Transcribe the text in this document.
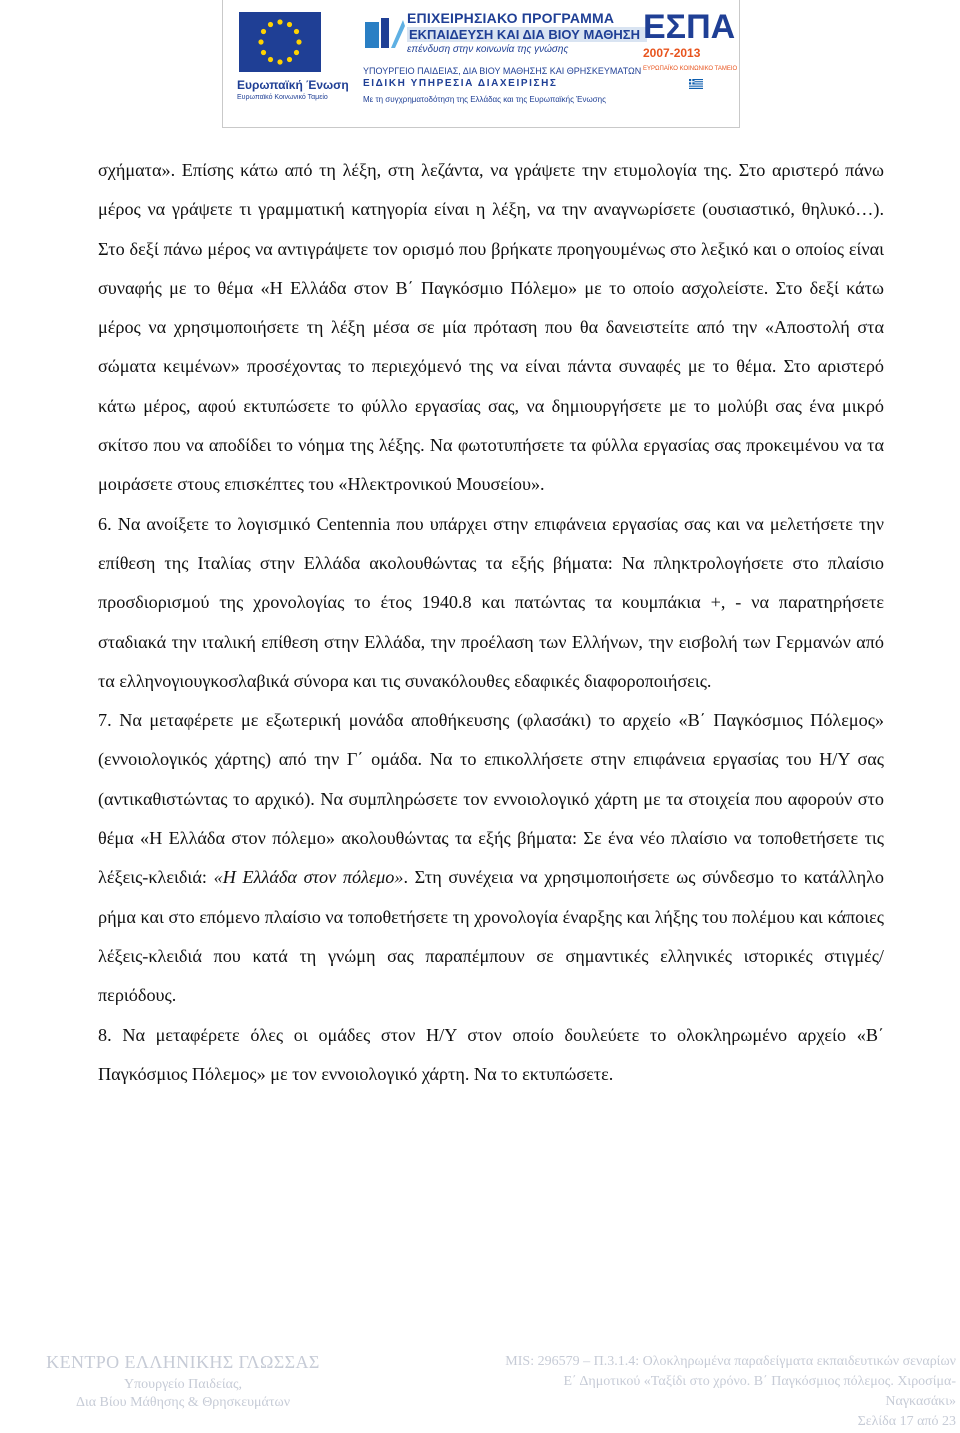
Ευρωπαϊκή Ένωση
Ευρωπαϊκό Κοινωνικό Ταμείο
ΕΠΙΧΕΙΡΗΣΙΑΚΟ ΠΡΟΓΡΑΜΜΑ
ΕΚΠΑΙΔΕΥΣΗ ΚΑΙ ΔΙΑ ΒΙΟΥ ΜΑΘΗΣΗ
επένδυση στην κοινωνία της γνώσης
ΥΠΟΥΡΓΕΙΟ ΠΑΙΔΕΙΑΣ, ΔΙΑ ΒΙΟΥ ΜΑΘΗΣΗΣ ΚΑΙ ΘΡΗΣΚΕΥΜΑΤΩΝ
ΕΙΔΙΚΗ ΥΠΗΡΕΣΙΑ ΔΙΑΧΕΙΡΙΣΗΣ
Με τη συγχρηματοδότηση της Ελλάδας και της Ευρωπαϊκής Ένωσης
ΕΣΠΑ
2007-2013
ΕΥΡΩΠΑΪΚΟ ΚΟΙΝΩΝΙΚΟ ΤΑΜΕΙΟ

σχήματα». Επίσης κάτω από τη λέξη, στη λεζάντα, να γράψετε την ετυμολογία της. Στο αριστερό πάνω μέρος να γράψετε τι γραμματική κατηγορία είναι η λέξη, να την αναγνωρίσετε (ουσιαστικό, θηλυκό…). Στο δεξί πάνω μέρος να αντιγράψετε τον ορισμό που βρήκατε προηγουμένως στο λεξικό και ο οποίος είναι συναφής με το θέμα «Η Ελλάδα στον Β΄ Παγκόσμιο Πόλεμο» με το οποίο ασχολείστε. Στο δεξί κάτω μέρος να χρησιμοποιήσετε τη λέξη μέσα σε μία πρόταση που θα δανειστείτε από την «Αποστολή στα σώματα κειμένων» προσέχοντας το περιεχόμενό της να είναι πάντα συναφές με το θέμα. Στο αριστερό κάτω μέρος, αφού εκτυπώσετε το φύλλο εργασίας σας, να δημιουργήσετε με το μολύβι σας ένα μικρό σκίτσο που να αποδίδει το νόημα της λέξης. Να φωτοτυπήσετε τα φύλλα εργασίας σας προκειμένου να τα μοιράσετε στους επισκέπτες του «Ηλεκτρονικού Μουσείου».

6. Να ανοίξετε το λογισμικό Centennia που υπάρχει στην επιφάνεια εργασίας σας και να μελετήσετε την επίθεση της Ιταλίας στην Ελλάδα ακολουθώντας τα εξής βήματα: Να πληκτρολογήσετε στο πλαίσιο προσδιορισμού της χρονολογίας το έτος 1940.8 και πατώντας τα κουμπάκια +, - να παρατηρήσετε σταδιακά την ιταλική επίθεση στην Ελλάδα, την προέλαση των Ελλήνων, την εισβολή των Γερμανών από τα ελληνογιουγκοσλαβικά σύνορα και τις συνακόλουθες εδαφικές διαφοροποιήσεις.

7. Να μεταφέρετε με εξωτερική μονάδα αποθήκευσης (φλασάκι) το αρχείο «Β΄ Παγκόσμιος Πόλεμος» (εννοιολογικός χάρτης) από την Γ΄ ομάδα. Να το επικολλήσετε στην επιφάνεια εργασίας του Η/Υ σας (αντικαθιστώντας το αρχικό). Να συμπληρώσετε τον εννοιολογικό χάρτη με τα στοιχεία που αφορούν στο θέμα «Η Ελλάδα στον πόλεμο» ακολουθώντας τα εξής βήματα: Σε ένα νέο πλαίσιο να τοποθετήσετε τις λέξεις-κλειδιά: «Η Ελλάδα στον πόλεμο». Στη συνέχεια να χρησιμοποιήσετε ως σύνδεσμο το κατάλληλο ρήμα και στο επόμενο πλαίσιο να τοποθετήσετε τη χρονολογία έναρξης και λήξης του πολέμου και κάποιες λέξεις-κλειδιά που κατά τη γνώμη σας παραπέμπουν σε σημαντικές ελληνικές ιστορικές στιγμές/περιόδους.

8. Να μεταφέρετε όλες οι ομάδες στον Η/Υ στον οποίο δουλεύετε το ολοκληρωμένο αρχείο «Β΄ Παγκόσμιος Πόλεμος» με τον εννοιολογικό χάρτη. Να το εκτυπώσετε.

ΚΕΝΤΡΟ ΕΛΛΗΝΙΚΗΣ ΓΛΩΣΣΑΣ
Υπουργείο Παιδείας,
Δια Βίου Μάθησης & Θρησκευμάτων
MIS: 296579 – Π.3.1.4: Ολοκληρωμένα παραδείγματα εκπαιδευτικών σεναρίων
Ε΄ Δημοτικού «Ταξίδι στο χρόνο. Β΄ Παγκόσμιος πόλεμος. Χιροσίμα-
Ναγκασάκι»
Σελίδα 17 από 23
